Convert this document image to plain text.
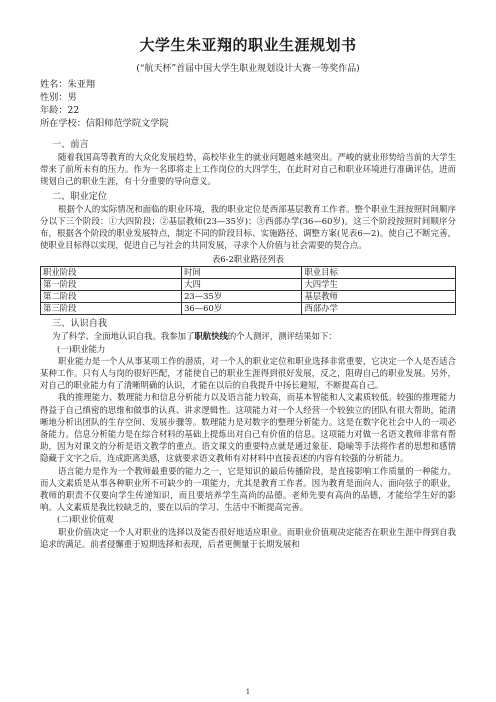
大学生朱亚翔的职业生涯规划书

(“航天杯”首届中国大学生职业规划设计大赛一等奖作品)

姓名：朱亚翔

性别：男

年龄：22

所在学校：信阳师范学院文学院

一、前言

随着我国高等教育的大众化发展趋势，高校毕业生的就业问题越来越突出。严峻的就业形势给当前的大学生带来了前所未有的压力。作为一名即将走上工作岗位的大四学生，在此时对自己和职业环境进行准确评估，进而规划自己的职业生涯，有十分重要的导向意义。

二、职业定位

根据个人的实际情况和面临的职业环境，我的职业定位是西部基层教育工作者。整个职业生涯按照时间顺序分以下三个阶段：①大四阶段；②基层教师(23—35岁)；③西部办学(36—60岁)。这三个阶段按照时间顺序分布，根据各个阶段的职业发展特点，制定不同的阶段目标、实施路径、调整方案(见表6—2)。使自己不断完善，使职业目标得以实现，促进自己与社会的共同发展，寻求个人价值与社会需要的契合点。

表6-2职业路径列表

职业阶段	时间	职业目标
第一阶段	大四	大四学生
第二阶段	23—35岁	基层教师
第三阶段	36—60岁	西部办学

三、认识自我

为了科学、全面地认识自我。我参加了职航快线的个人测评，测评结果如下：

(一)职业能力

职业能力是一个人从事某项工作的潜质，对一个人的职业定位和职业选择非常重要，它决定一个人是否适合某种工作。只有人与岗的很好匹配，才能使自己的职业生涯得到很好发展，反之，阻碍自己的职业发展。另外，对自己的职业能力有了清晰明确的认识，才能在以后的自我提升中扬长避短，不断提高自己。

我的推理能力、数理能力和信息分析能力以及语言能力较高，而基本智能和人文素质较低。较强的推理能力得益于自己缜密的思维和做事的认真、讲求逻辑性。这项能力对一个人经营一个较独立的团队有很大帮助，能清晰地分析出团队的生存空间、发展步骤等。数理能力是对数字的整理分析能力。这是在数字化社会中人的一项必备能力。信息分析能力是在综合材料的基础上提炼出对自己有价值的信息。这项能力对做一名语文教师非常有帮助，因为对课文的分析是语文教学的重点。语文课文的重要特点就是通过象征、隐喻等手法将作者的思想和感情隐藏于文字之后，连成距离美感，这就要求语文教师有对材料中直接表述的内容有较强的分析能力。

语言能力是作为一个教师最重要的能力之一，它是知识的最后传播阶段，是直接影响工作质量的一种能力。而人文素质是从事各种职业所不可缺少的一项能力，尤其是教育工作者。因为教育是面向人、面向弦子的职业，教师的职责不仅要向学生传递知识，而且要培养学生高尚的品德。老师先要有高尚的品德，才能给学生好的影响。人文素质是我比较缺乏的，要在以后的学习、生活中不断提高完善。

(二)职业价值观

职业价值决定一个人对职业的选择以及能否很好地适应职业。而职业价值观决定能否在职业生涯中得到自我追求的满足。前者侵懈重于短期选择和表现，后者更侧量于长期发展和

1
